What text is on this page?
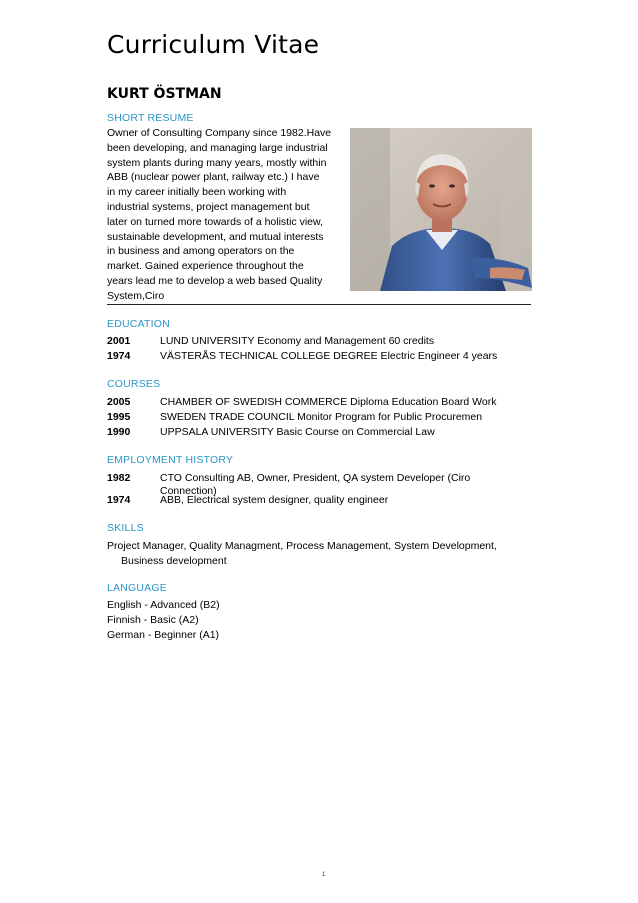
Curriculum Vitae
KURT ÖSTMAN
SHORT RESUME
Owner of Consulting Company since 1982.Have
been developing, and managing large industrial
system plants during many years, mostly within
ABB (nuclear power plant, railway etc.) I have
in my career initially been working with
industrial systems, project management but
later on turned more towards of a holistic view,
sustainable development, and mutual interests
in business and among operators on the
market. Gained experience throughout the
years lead me to develop a web based Quality
System,Ciro
EDUCATION
2001	LUND UNIVERSITY Economy and Management 60 credits
1974	VÄSTERÅS TECHNICAL COLLEGE DEGREE Electric Engineer 4 years
COURSES
2005	CHAMBER OF SWEDISH COMMERCE Diploma Education Board Work
1995	SWEDEN TRADE COUNCIL Monitor Program for Public Procuremen
1990	UPPSALA UNIVERSITY Basic Course on Commercial Law
EMPLOYMENT HISTORY
1982	CTO Consulting AB, Owner, President, QA system Developer (Ciro
Connection)
1974	ABB, Electrical system designer, quality engineer
SKILLS
Project Manager, Quality Managment, Process Management, System Development,
Business development
LANGUAGE
English - Advanced (B2)
Finnish - Basic (A2)
German - Beginner (A1)
1
